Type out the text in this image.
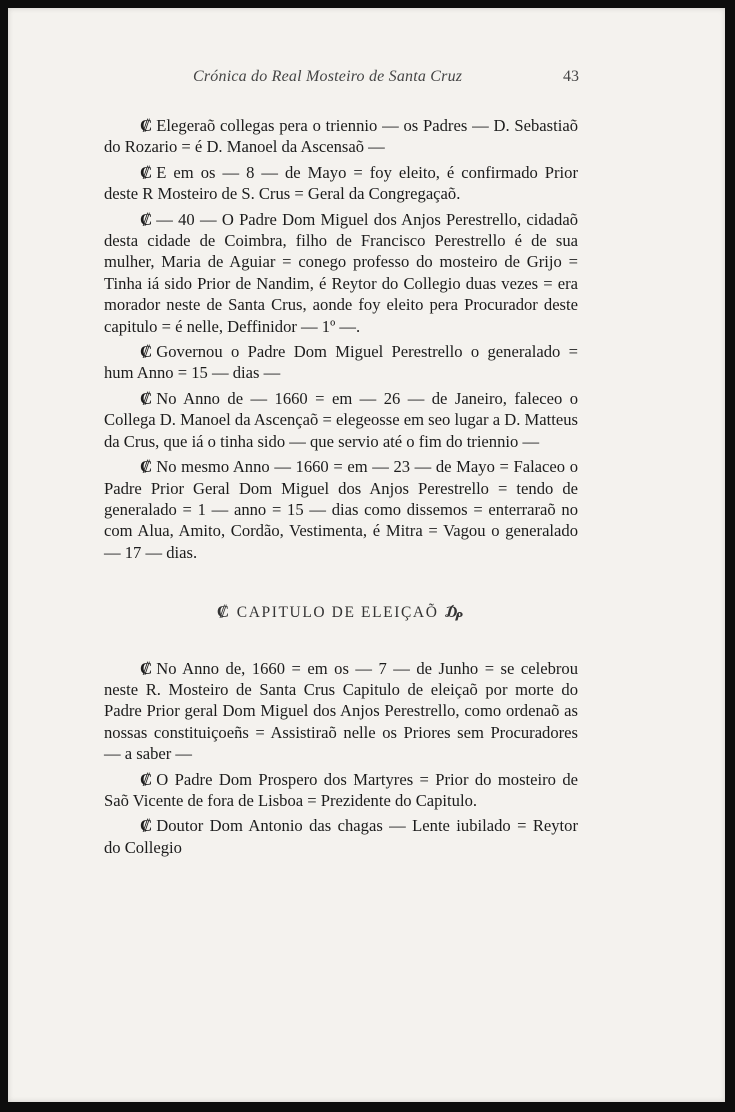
Crónica do Real Mosteiro de Santa Cruz	43

₡ Elegeraõ collegas pera o triennio — os Padres — D. Sebastiaõ do Rozario = é D. Manoel da Ascensaõ —

₡ E em os — 8 — de Mayo = foy eleito, é confirmado Prior deste R Mosteiro de S. Crus = Geral da Congregaçaõ.

₡ — 40 — O Padre Dom Miguel dos Anjos Perestrello, cidadaõ desta cidade de Coimbra, filho de Francisco Perestrello é de sua mulher, Maria de Aguiar = conego professo do mosteiro de Grijo = Tinha iá sido Prior de Nandim, é Reytor do Collegio duas vezes = era morador neste de Santa Crus, aonde foy eleito pera Procurador deste capitulo = é nelle, Deffinidor — 1º —.

₡ Governou o Padre Dom Miguel Perestrello o generalado = hum Anno = 15 — dias —

₡ No Anno de — 1660 = em — 26 — de Janeiro, faleceo o Collega D. Manoel da Ascençaõ = elegeosse em seo lugar a D. Matteus da Crus, que iá o tinha sido — que servio até o fim do triennio —

₡ No mesmo Anno — 1660 = em — 23 — de Mayo = Falaceo o Padre Prior Geral Dom Miguel dos Anjos Perestrello = tendo de generalado = 1 — anno = 15 — dias como dissemos = enterraraõ no com Alua, Amito, Cordão, Vestimenta, é Mitra = Vagou o generalado — 17 — dias.

₡ CAPITULO DE ELEIÇAÕ ₯

₡ No Anno de, 1660 = em os — 7 — de Junho = se celebrou neste R. Mosteiro de Santa Crus Capitulo de eleiçaõ por morte do Padre Prior geral Dom Miguel dos Anjos Perestrello, como ordenaõ as nossas constituiçoeñs = Assistiraõ nelle os Priores sem Procuradores — a saber —

₡ O Padre Dom Prospero dos Martyres = Prior do mosteiro de Saõ Vicente de fora de Lisboa = Prezidente do Capitulo.

₡ Doutor Dom Antonio das chagas — Lente iubilado = Reytor do Collegio
